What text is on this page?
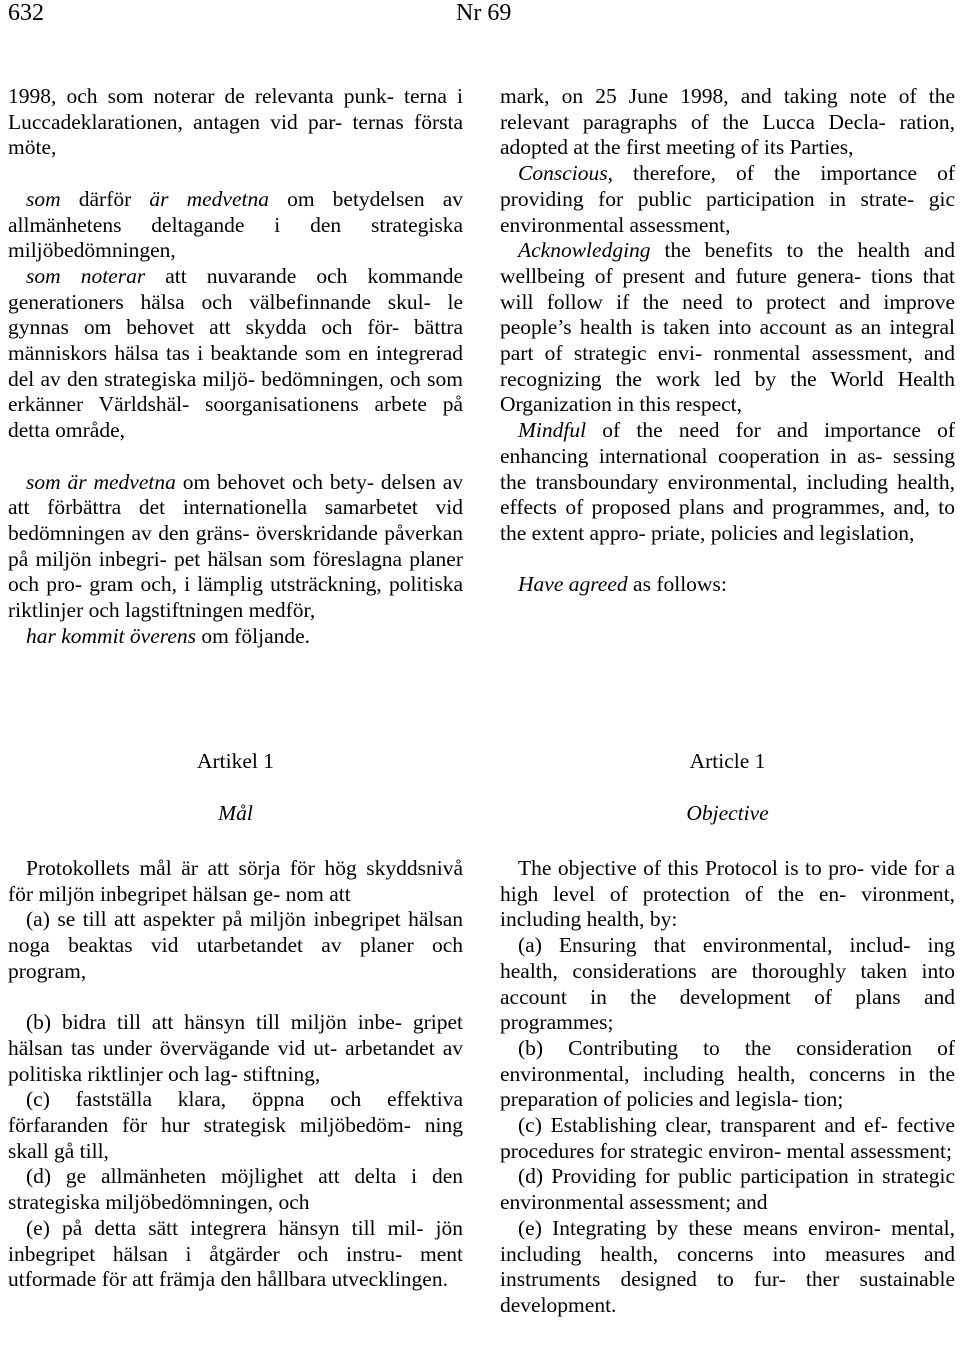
632	Nr 69

1998, och som noterar de relevanta punk- terna i Luccadeklarationen, antagen vid par- ternas första möte,

som därför är medvetna om betydelsen av allmänhetens deltagande i den strategiska miljöbedömningen,

som noterar att nuvarande och kommande generationers hälsa och välbefinnande skul- le gynnas om behovet att skydda och för- bättra människors hälsa tas i beaktande som en integrerad del av den strategiska miljö- bedömningen, och som erkänner Världshäl- soorganisationens arbete på detta område,

som är medvetna om behovet och bety- delsen av att förbättra det internationella samarbetet vid bedömningen av den gräns- överskridande påverkan på miljön inbegri- pet hälsan som föreslagna planer och pro- gram och, i lämplig utsträckning, politiska riktlinjer och lagstiftningen medför,

har kommit överens om följande.

mark, on 25 June 1998, and taking note of the relevant paragraphs of the Lucca Decla- ration, adopted at the first meeting of its Parties,

Conscious, therefore, of the importance of providing for public participation in strate- gic environmental assessment,

Acknowledging the benefits to the health and wellbeing of present and future genera- tions that will follow if the need to protect and improve people’s health is taken into account as an integral part of strategic envi- ronmental assessment, and recognizing the work led by the World Health Organization in this respect,

Mindful of the need for and importance of enhancing international cooperation in as- sessing the transboundary environmental, including health, effects of proposed plans and programmes, and, to the extent appro- priate, policies and legislation,

Have agreed as follows:

Artikel 1	Article 1
Mål	Objective

Protokollets mål är att sörja för hög skyddsnivå för miljön inbegripet hälsan ge- nom att

(a) se till att aspekter på miljön inbegripet hälsan noga beaktas vid utarbetandet av planer och program,

(b) bidra till att hänsyn till miljön inbe- gripet hälsan tas under övervägande vid ut- arbetandet av politiska riktlinjer och lag- stiftning,

(c) fastställa klara, öppna och effektiva förfaranden för hur strategisk miljöbedöm- ning skall gå till,

(d) ge allmänheten möjlighet att delta i den strategiska miljöbedömningen, och

(e) på detta sätt integrera hänsyn till mil- jön inbegripet hälsan i åtgärder och instru- ment utformade för att främja den hållbara utvecklingen.

The objective of this Protocol is to pro- vide for a high level of protection of the en- vironment, including health, by:

(a) Ensuring that environmental, includ- ing health, considerations are thoroughly taken into account in the development of plans and programmes;

(b) Contributing to the consideration of environmental, including health, concerns in the preparation of policies and legisla- tion;

(c) Establishing clear, transparent and ef- fective procedures for strategic environ- mental assessment;

(d) Providing for public participation in strategic environmental assessment; and

(e) Integrating by these means environ- mental, including health, concerns into measures and instruments designed to fur- ther sustainable development.
